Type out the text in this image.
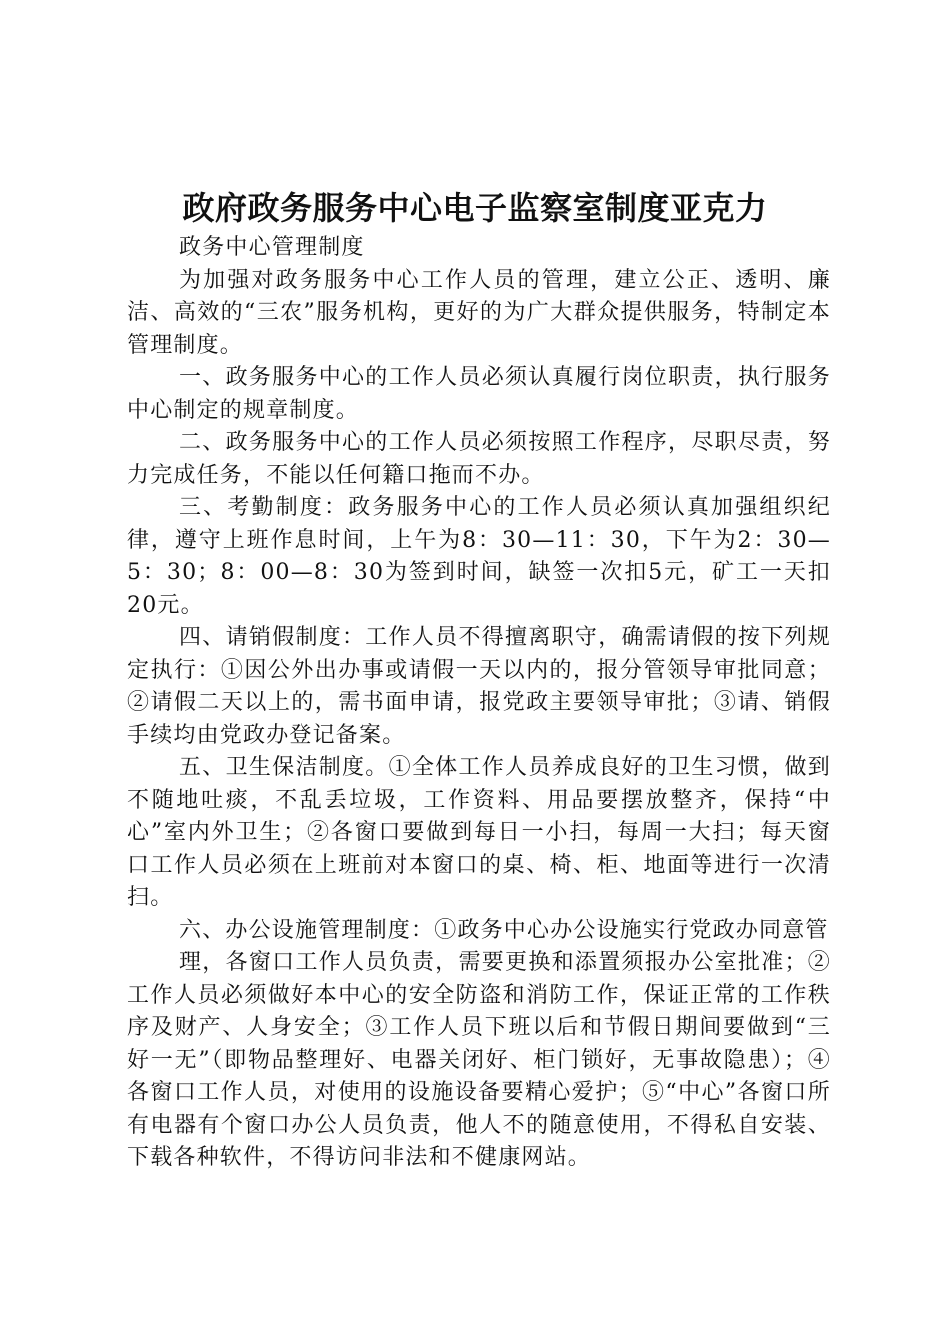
政府政务服务中心电子监察室制度亚克力

政务中心管理制度

为加强对政务服务中心工作人员的管理，建立公正、透明、廉洁、高效的“三农”服务机构，更好的为广大群众提供服务，特制定本管理制度。

一、政务服务中心的工作人员必须认真履行岗位职责，执行服务中心制定的规章制度。

二、政务服务中心的工作人员必须按照工作程序，尽职尽责，努力完成任务，不能以任何籍口拖而不办。

三、考勤制度：政务服务中心的工作人员必须认真加强组织纪律，遵守上班作息时间，上午为8：30—11：30，下午为2：30—5：30；8：00—8：30为签到时间，缺签一次扣5元，矿工一天扣20元。

四、请销假制度：工作人员不得擅离职守，确需请假的按下列规定执行：①因公外出办事或请假一天以内的，报分管领导审批同意；②请假二天以上的，需书面申请，报党政主要领导审批；③请、销假手续均由党政办登记备案。

五、卫生保洁制度。①全体工作人员养成良好的卫生习惯，做到不随地吐痰，不乱丢垃圾，工作资料、用品要摆放整齐，保持“中心”室内外卫生；②各窗口要做到每日一小扫，每周一大扫；每天窗口工作人员必须在上班前对本窗口的桌、椅、柜、地面等进行一次清扫。

六、办公设施管理制度：①政务中心办公设施实行党政办同意管

理，各窗口工作人员负责，需要更换和添置须报办公室批准；②工作人员必须做好本中心的安全防盗和消防工作，保证正常的工作秩序及财产、人身安全；③工作人员下班以后和节假日期间要做到“三好一无”（即物品整理好、电器关闭好、柜门锁好，无事故隐患）；④各窗口工作人员，对使用的设施设备要精心爱护；⑤“中心”各窗口所有电器有个窗口办公人员负责，他人不的随意使用，不得私自安装、下载各种软件，不得访问非法和不健康网站。
